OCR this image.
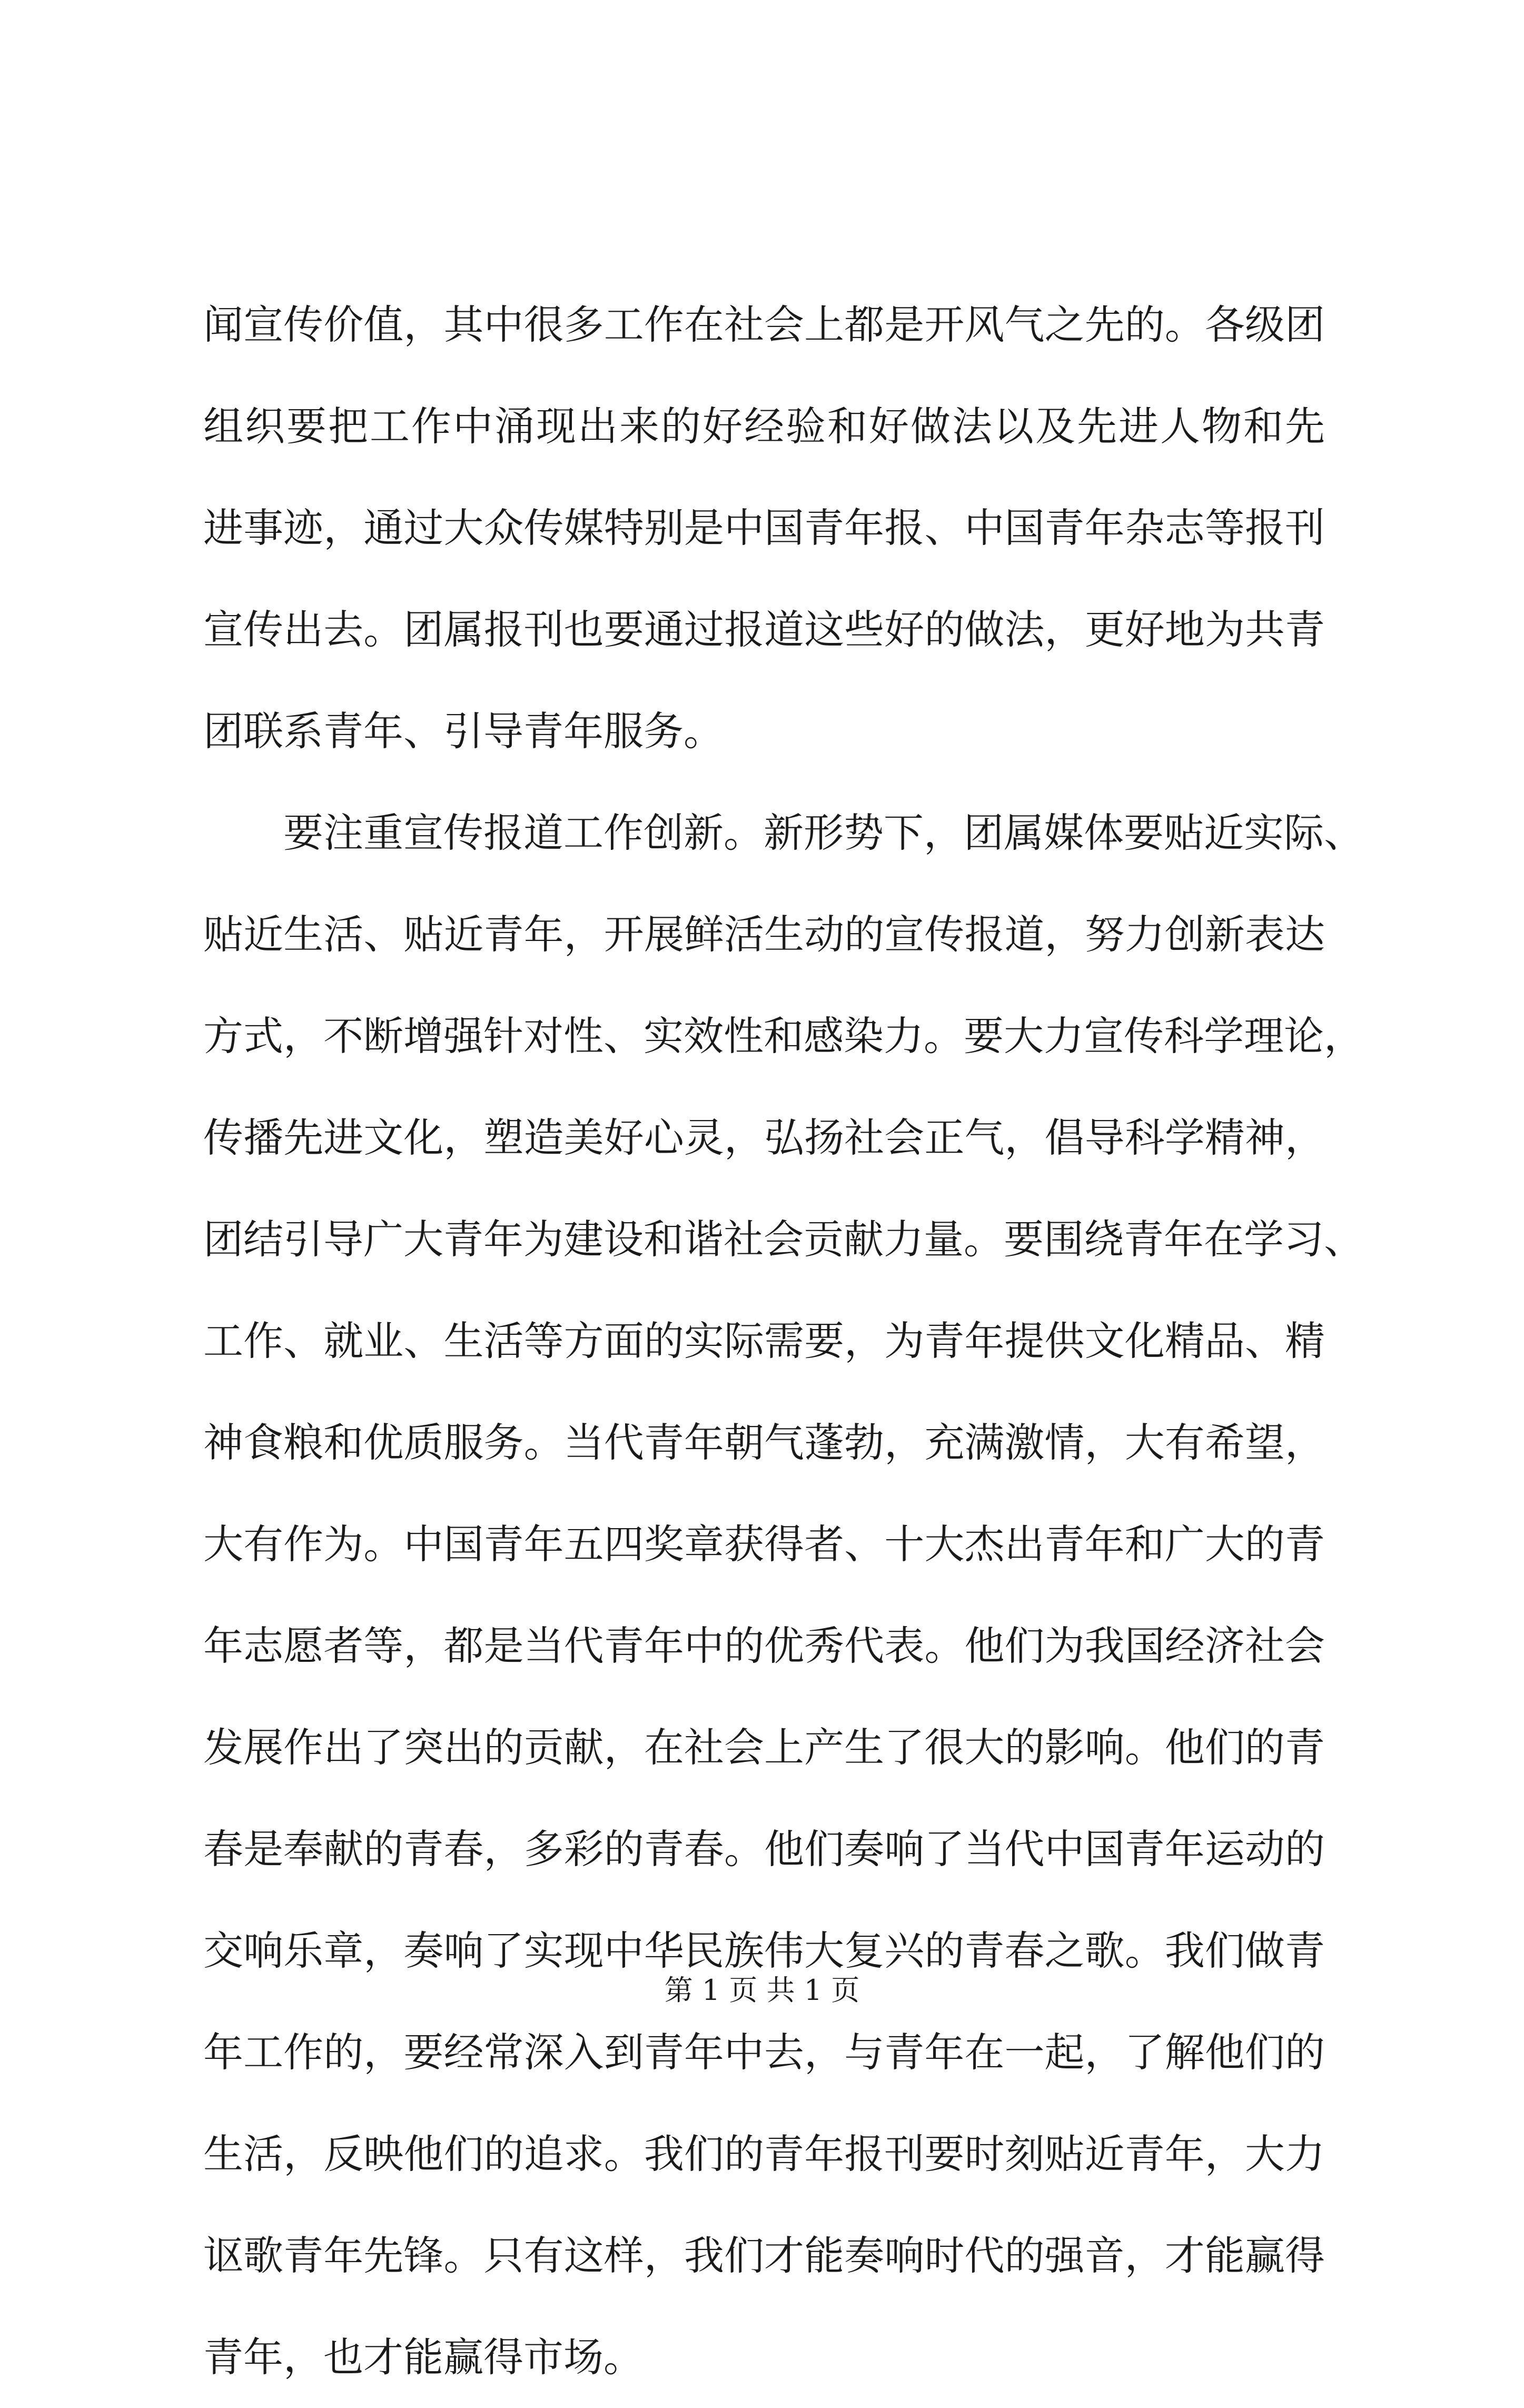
闻宣传价值，其中很多工作在社会上都是开风气之先的。各级团
组织要把工作中涌现出来的好经验和好做法以及先进人物和先
进事迹，通过大众传媒特别是中国青年报、中国青年杂志等报刊
宣传出去。团属报刊也要通过报道这些好的做法，更好地为共青
团联系青年、引导青年服务。
　　要注重宣传报道工作创新。新形势下，团属媒体要贴近实际、
贴近生活、贴近青年，开展鲜活生动的宣传报道，努力创新表达
方式，不断增强针对性、实效性和感染力。要大力宣传科学理论，
传播先进文化，塑造美好心灵，弘扬社会正气，倡导科学精神，
团结引导广大青年为建设和谐社会贡献力量。要围绕青年在学习、
工作、就业、生活等方面的实际需要，为青年提供文化精品、精
神食粮和优质服务。当代青年朝气蓬勃，充满激情，大有希望，
大有作为。中国青年五四奖章获得者、十大杰出青年和广大的青
年志愿者等，都是当代青年中的优秀代表。他们为我国经济社会
发展作出了突出的贡献，在社会上产生了很大的影响。他们的青
春是奉献的青春，多彩的青春。他们奏响了当代中国青年运动的
交响乐章，奏响了实现中华民族伟大复兴的青春之歌。我们做青
年工作的，要经常深入到青年中去，与青年在一起，了解他们的
生活，反映他们的追求。我们的青年报刊要时刻贴近青年，大力
讴歌青年先锋。只有这样，我们才能奏响时代的强音，才能赢得
青年，也才能赢得市场。
第 1 页 共 1 页
